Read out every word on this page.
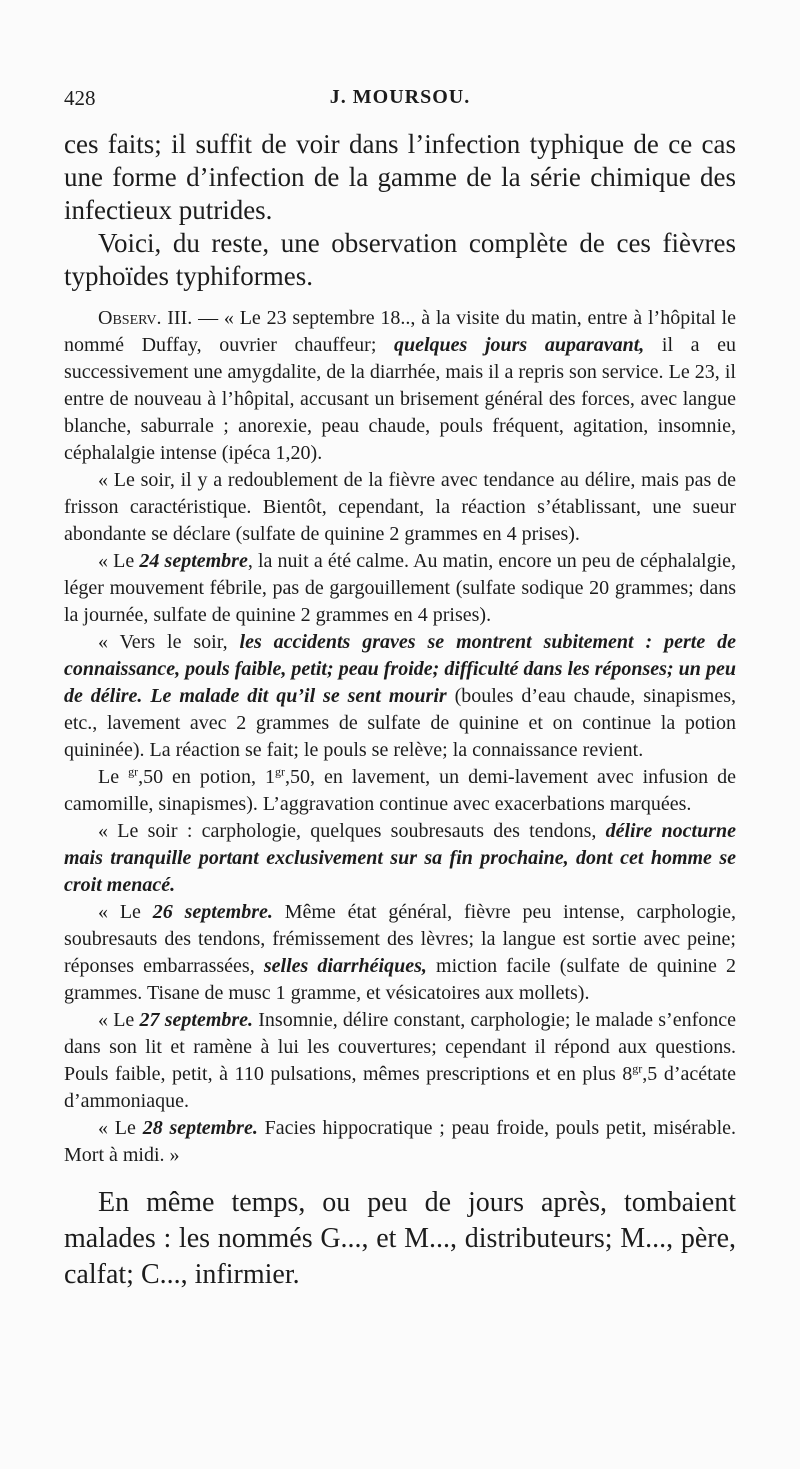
428	J. MOURSOU.

ces faits; il suffit de voir dans l’infection typhique de ce cas une forme d’infection de la gamme de la série chimique des infectieux putrides.

Voici, du reste, une observation complète de ces fièvres typhoïdes typhiformes.

Observ. III. — « Le 23 septembre 18.., à la visite du matin, entre à l’hôpital le nommé Duffay, ouvrier chauffeur; quelques jours auparavant, il a eu successivement une amygdalite, de la diarrhée, mais il a repris son service. Le 23, il entre de nouveau à l’hôpital, accusant un brisement général des forces, avec langue blanche, saburrale ; anorexie, peau chaude, pouls fréquent, agitation, insomnie, céphalalgie intense (ipéca 1,20).

« Le soir, il y a redoublement de la fièvre avec tendance au délire, mais pas de frisson caractéristique. Bientôt, cependant, la réaction s’établissant, une sueur abondante se déclare (sulfate de quinine 2 grammes en 4 prises).

« Le 24 septembre, la nuit a été calme. Au matin, encore un peu de céphalalgie, léger mouvement fébrile, pas de gargouillement (sulfate sodique 20 grammes; dans la journée, sulfate de quinine 2 grammes en 4 prises).

« Vers le soir, les accidents graves se montrent subitement : perte de connaissance, pouls faible, petit; peau froide; difficulté dans les réponses; un peu de délire. Le malade dit qu’il se sent mourir (boules d’eau chaude, sinapismes, etc., lavement avec 2 grammes de sulfate de quinine et on continue la potion quininée). La réaction se fait; le pouls se relève; la connaissance revient.

Le $^{gr}$,50 en potion, $1^{gr},50$, en lavement, un demi-lavement avec infusion de camomille, sinapismes). L’aggravation continue avec exacerbations marquées.

« Le soir : carphologie, quelques soubresauts des tendons, délire nocturne mais tranquille portant exclusivement sur sa fin prochaine, dont cet homme se croit menacé.

« Le 26 septembre. Même état général, fièvre peu intense, carphologie, soubresauts des tendons, frémissement des lèvres; la langue est sortie avec peine; réponses embarrassées, selles diarrhéiques, miction facile (sulfate de quinine 2 grammes. Tisane de musc 1 gramme, et vésicatoires aux mollets).

« Le 27 septembre. Insomnie, délire constant, carphologie; le malade s’enfonce dans son lit et ramène à lui les couvertures; cependant il répond aux questions. Pouls faible, petit, à 110 pulsations, mêmes prescriptions et en plus $8^{gr},5$ d’acétate d’ammoniaque.

« Le 28 septembre. Facies hippocratique ; peau froide, pouls petit, misérable. Mort à midi. »

En même temps, ou peu de jours après, tombaient malades : les nommés G..., et M..., distributeurs; M..., père, calfat; C..., infirmier.
